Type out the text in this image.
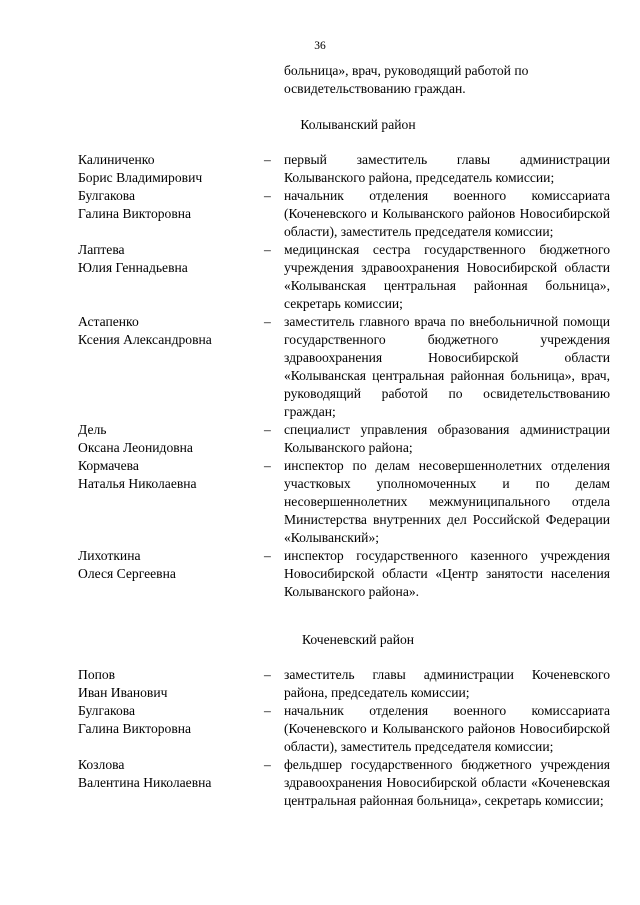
36
больница», врач, руководящий работой по освидетельствованию граждан.
Колыванский район
Калиниченко
Борис Владимирович
– первый заместитель главы администрации Колыванского района, председатель комиссии;
Булгакова
Галина Викторовна
– начальник отделения военного комиссариата (Коченевского и Колыванского районов Новосибирской области), заместитель председателя комиссии;
Лаптева
Юлия Геннадьевна
– медицинская сестра государственного бюджетного учреждения здравоохранения Новосибирской области «Колыванская центральная районная больница», секретарь комиссии;
Астапенко
Ксения Александровна
– заместитель главного врача по внебольничной помощи государственного бюджетного учреждения здравоохранения Новосибирской области «Колыванская центральная районная больница», врач, руководящий работой по освидетельствованию граждан;
Дель
Оксана Леонидовна
– специалист управления образования администрации Колыванского района;
Кормачева
Наталья Николаевна
– инспектор по делам несовершеннолетних отделения участковых уполномоченных и по делам несовершеннолетних межмуниципального отдела Министерства внутренних дел Российской Федерации «Колыванский»;
Лихоткина
Олеся Сергеевна
– инспектор государственного казенного учреждения Новосибирской области «Центр занятости населения Колыванского района».
Коченевский район
Попов
Иван Иванович
– заместитель главы администрации Коченевского района, председатель комиссии;
Булгакова
Галина Викторовна
– начальник отделения военного комиссариата (Коченевского и Колыванского районов Новосибирской области), заместитель председателя комиссии;
Козлова
Валентина Николаевна
– фельдшер государственного бюджетного учреждения здравоохранения Новосибирской области «Коченевская центральная районная больница», секретарь комиссии;
